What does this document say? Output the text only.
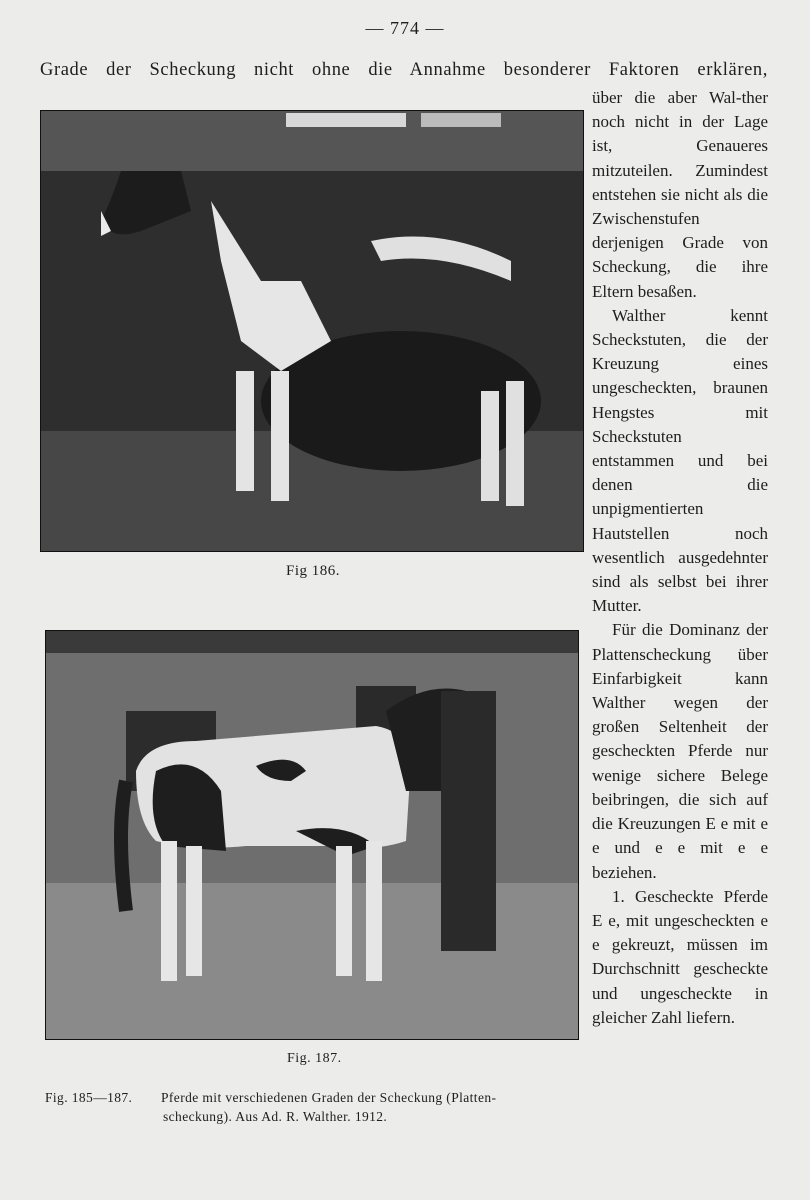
— 774 —
Grade der Scheckung nicht ohne die Annahme besonderer Faktoren erklären,
Fig 186.
Fig. 187.
Fig. 185—187. Pferde mit verschiedenen Graden der Scheckung (Platten-
scheckung). Aus Ad. R. Walther. 1912.

über die aber Wal-ther noch nicht in der Lage ist, Genaueres mitzuteilen. Zumindest entstehen sie nicht als die Zwischenstufen derjenigen Grade von Scheckung, die ihre Eltern besaßen.

Walther kennt Scheckstuten, die der Kreuzung eines ungescheckten, braunen Hengstes mit Scheckstuten entstammen und bei denen die unpigmentierten Hautstellen noch wesentlich ausgedehnter sind als selbst bei ihrer Mutter.

Für die Dominanz der Plattenscheckung über Einfarbigkeit kann Walther wegen der großen Seltenheit der gescheckten Pferde nur wenige sichere Belege beibringen, die sich auf die Kreuzungen E e mit e e und e e mit e e beziehen.

1. Gescheckte Pferde E e, mit ungescheckten e e gekreuzt, müssen im Durchschnitt gescheckte und ungescheckte in gleicher Zahl liefern.
